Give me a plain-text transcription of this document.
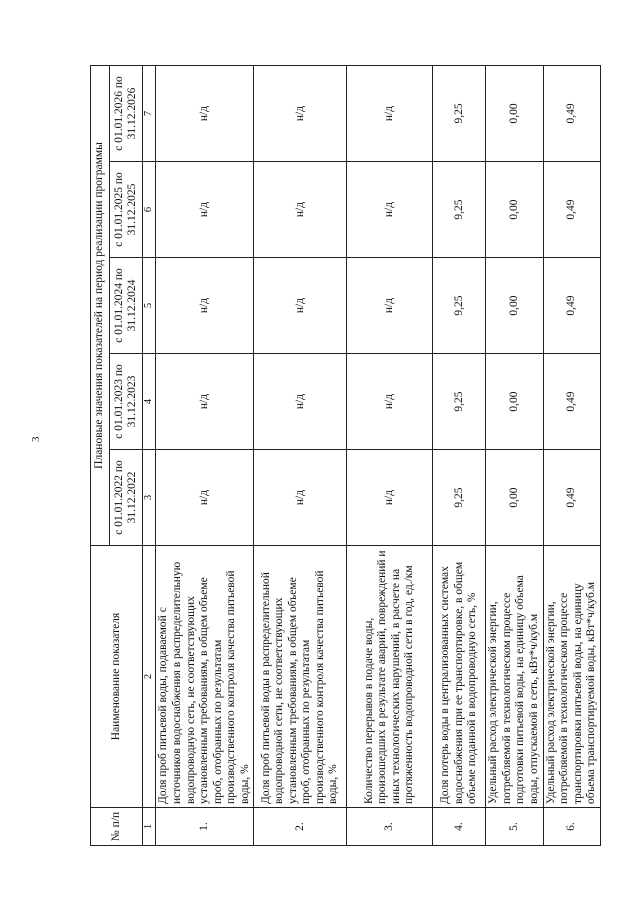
3
№ п/п	Наименование показателя	Плановые значения показателей на период реализации программы				
		с 01.01.2022 по 31.12.2022	с 01.01.2023 по 31.12.2023	с 01.01.2024 по 31.12.2024	с 01.01.2025 по 31.12.2025	с 01.01.2026 по 31.12.2026
1	2	3	4	5	6	7
1.	Доля проб питьевой воды, подаваемой с источников водоснабжения в распределительную водопроводную сеть, не соответствующих установленным требованиям, в общем объеме проб, отобранных по результатам производственного контроля качества питьевой воды, %	н/д	н/д	н/д	н/д	н/д
2.	Доля проб питьевой воды в распределительной водопроводной сети, не соответствующих установленным требованиям, в общем объеме проб, отобранных по результатам производственного контроля качества питьевой воды, %	н/д	н/д	н/д	н/д	н/д
3.	Количество перерывов в подаче воды, произошедших в результате аварий, повреждений и иных технологических нарушений, в расчете на протяженность водопроводной сети в год, ед./км	н/д	н/д	н/д	н/д	н/д
4.	Доля потерь воды в централизованных системах водоснабжения при ее транспортировке, в общем объеме поданной в водопроводную сеть, %	9,25	9,25	9,25	9,25	9,25
5.	Удельный расход электрической энергии, потребляемой в технологическом процессе подготовки питьевой воды, на единицу объема воды, отпускаемой в сеть, кВт*ч/куб.м	0,00	0,00	0,00	0,00	0,00
6.	Удельный расход электрической энергии, потребляемой в технологическом процессе транспортировки питьевой воды, на единицу объема транспортируемой воды, кВт*ч/куб.м	0,49	0,49	0,49	0,49	0,49
